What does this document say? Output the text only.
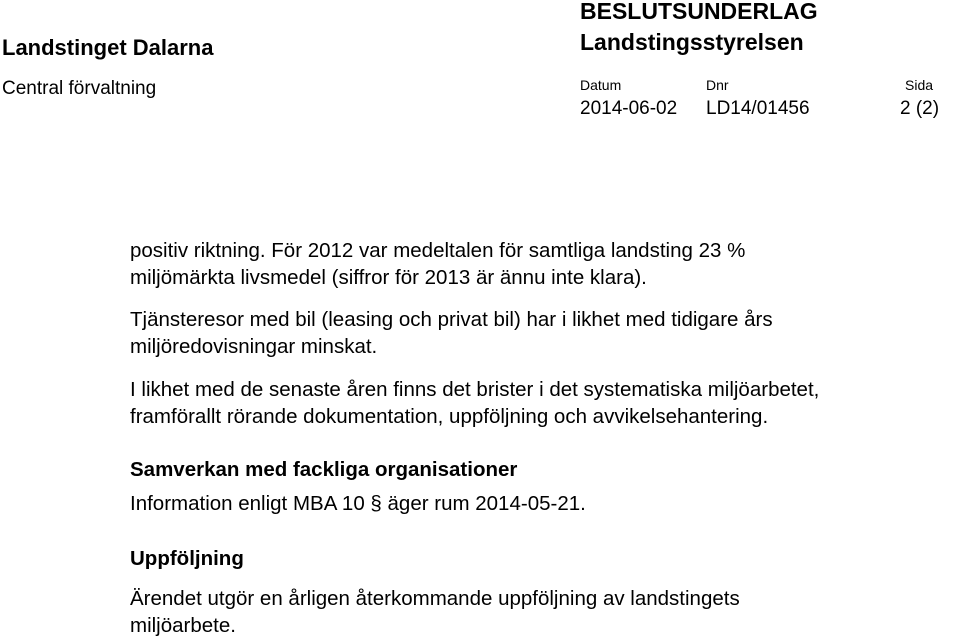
Landstinget Dalarna
Central förvaltning
BESLUTSUNDERLAG
Landstingsstyrelsen
Datum	Dnr	Sida
2014-06-02 LD14/01456	2 (2)
positiv riktning. För 2012 var medeltalen för samtliga landsting 23 %
miljömärkta livsmedel (siffror för 2013 är ännu inte klara).
Tjänsteresor med bil (leasing och privat bil) har i likhet med tidigare års
miljöredovisningar minskat.
I likhet med de senaste åren finns det brister i det systematiska miljöarbetet,
framförallt rörande dokumentation, uppföljning och avvikelsehantering.
Samverkan med fackliga organisationer
Information enligt MBA 10 § äger rum 2014-05-21.
Uppföljning
Ärendet utgör en årligen återkommande uppföljning av landstingets
miljöarbete.
